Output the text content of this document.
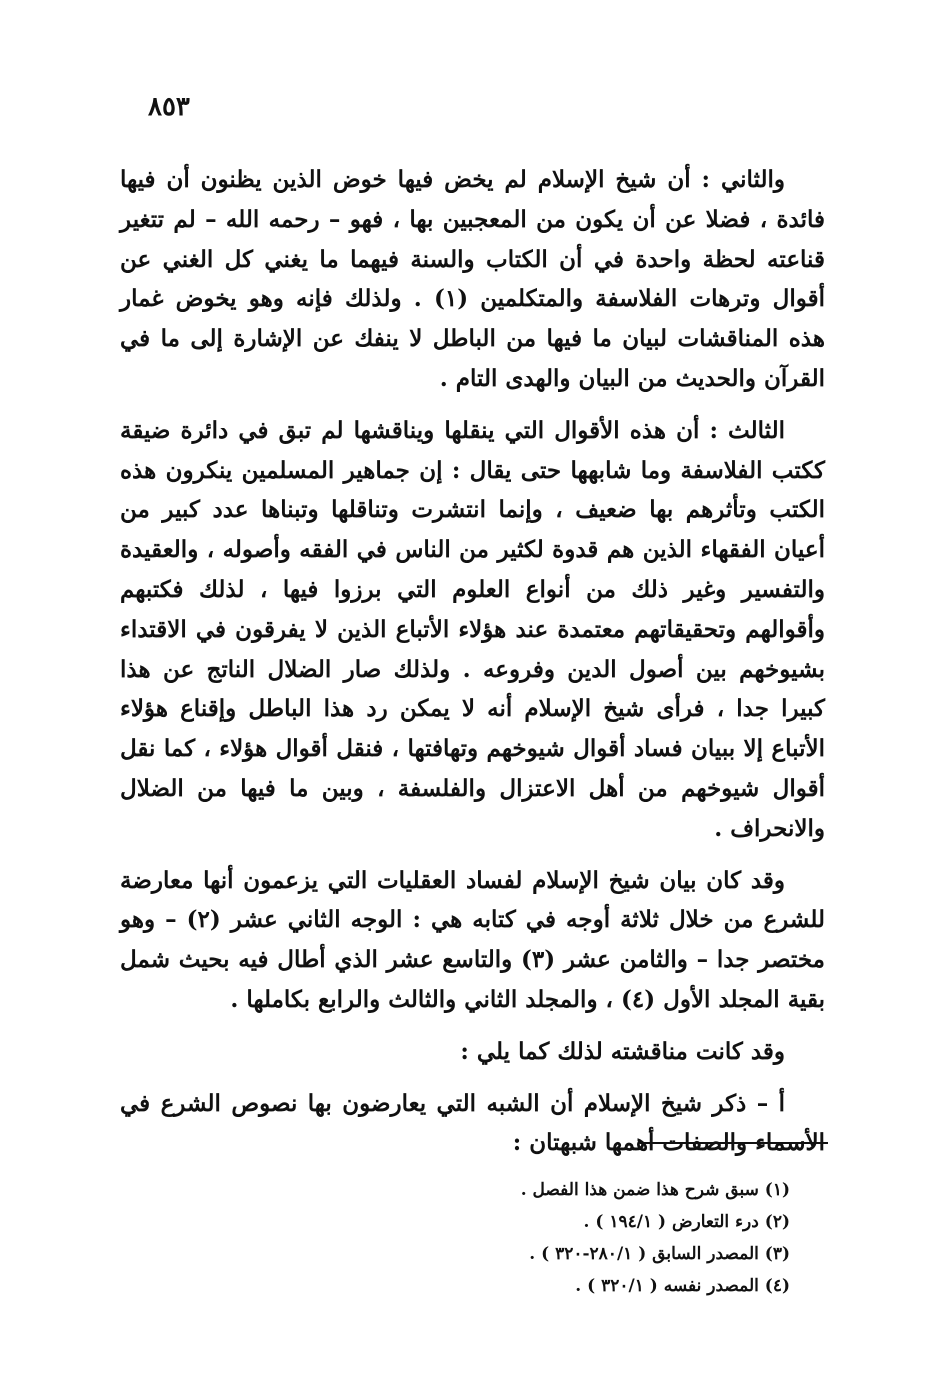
٨٥٣

والثاني : أن شيخ الإسلام لم يخض فيها خوض الذين يظنون أن فيها فائدة ، فضلا عن أن يكون من المعجبين بها ، فهو – رحمه الله – لم تتغير قناعته لحظة واحدة في أن الكتاب والسنة فيهما ما يغني كل الغني عن أقوال وترهات الفلاسفة والمتكلمين (١) . ولذلك فإنه وهو يخوض غمار هذه المناقشات لبيان ما فيها من الباطل لا ينفك عن الإشارة إلى ما في القرآن والحديث من البيان والهدى التام .

الثالث : أن هذه الأقوال التي ينقلها ويناقشها لم تبق في دائرة ضيقة ككتب الفلاسفة وما شابهها حتى يقال : إن جماهير المسلمين ينكرون هذه الكتب وتأثرهم بها ضعيف ، وإنما انتشرت وتناقلها وتبناها عدد كبير من أعيان الفقهاء الذين هم قدوة لكثير من الناس في الفقه وأصوله ، والعقيدة والتفسير وغير ذلك من أنواع العلوم التي برزوا فيها ، لذلك فكتبهم وأقوالهم وتحقيقاتهم معتمدة عند هؤلاء الأتباع الذين لا يفرقون في الاقتداء بشيوخهم بين أصول الدين وفروعه . ولذلك صار الضلال الناتج عن هذا كبيرا جدا ، فرأى شيخ الإسلام أنه لا يمكن رد هذا الباطل وإقناع هؤلاء الأتباع إلا ببيان فساد أقوال شيوخهم وتهافتها ، فنقل أقوال هؤلاء ، كما نقل أقوال شيوخهم من أهل الاعتزال والفلسفة ، وبين ما فيها من الضلال والانحراف .

وقد كان بيان شيخ الإسلام لفساد العقليات التي يزعمون أنها معارضة للشرع من خلال ثلاثة أوجه في كتابه هي : الوجه الثاني عشر (٢) – وهو مختصر جدا – والثامن عشر (٣) والتاسع عشر الذي أطال فيه بحيث شمل بقية المجلد الأول (٤) ، والمجلد الثاني والثالث والرابع بكاملها .

وقد كانت مناقشته لذلك كما يلي :

أ – ذكر شيخ الإسلام أن الشبه التي يعارضون بها نصوص الشرع في الأسماء والصفات أهمها شبهتان :

(١) سبق شرح هذا ضمن هذا الفصل .
(٢) درء التعارض ( ١٩٤/١ ) .
(٣) المصدر السابق ( ٢٨٠/١-٣٢٠ ) .
(٤) المصدر نفسه ( ٣٢٠/١ ) .
